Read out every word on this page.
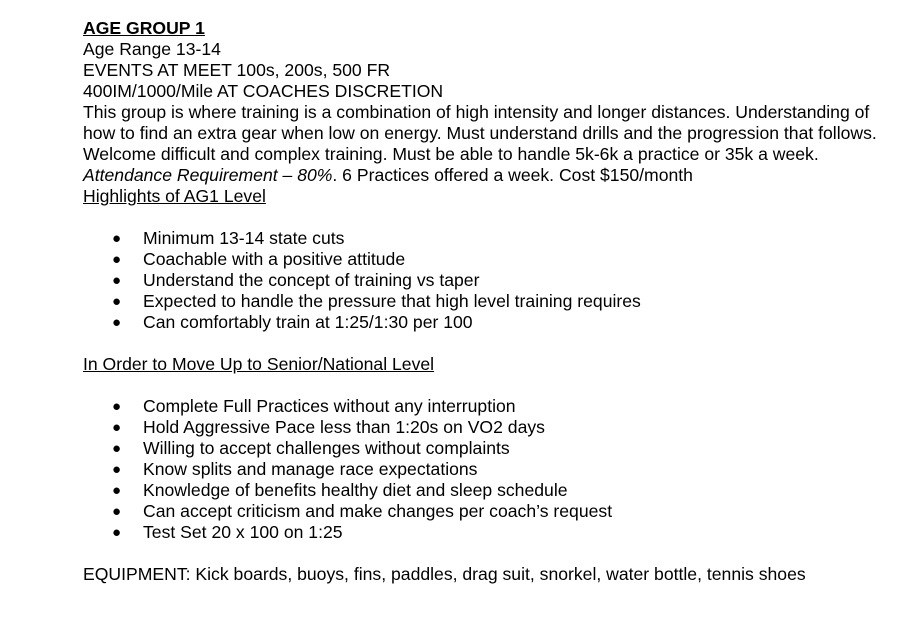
AGE GROUP 1

Age Range 13-14

EVENTS AT MEET 100s, 200s, 500 FR

400IM/1000/Mile AT COACHES DISCRETION

This group is where training is a combination of high intensity and longer distances. Understanding of how to find an extra gear when low on energy. Must understand drills and the progression that follows. Welcome difficult and complex training. Must be able to handle 5k-6k a practice or 35k a week.

Attendance Requirement – 80%. 6 Practices offered a week. Cost $150/month

Highlights of AG1 Level

● Minimum 13-14 state cuts
● Coachable with a positive attitude
● Understand the concept of training vs taper
● Expected to handle the pressure that high level training requires
● Can comfortably train at 1:25/1:30 per 100

In Order to Move Up to Senior/National Level

● Complete Full Practices without any interruption
● Hold Aggressive Pace less than 1:20s on VO2 days
● Willing to accept challenges without complaints
● Know splits and manage race expectations
● Knowledge of benefits healthy diet and sleep schedule
● Can accept criticism and make changes per coach’s request
● Test Set 20 x 100 on 1:25

EQUIPMENT: Kick boards, buoys, fins, paddles, drag suit, snorkel, water bottle, tennis shoes
